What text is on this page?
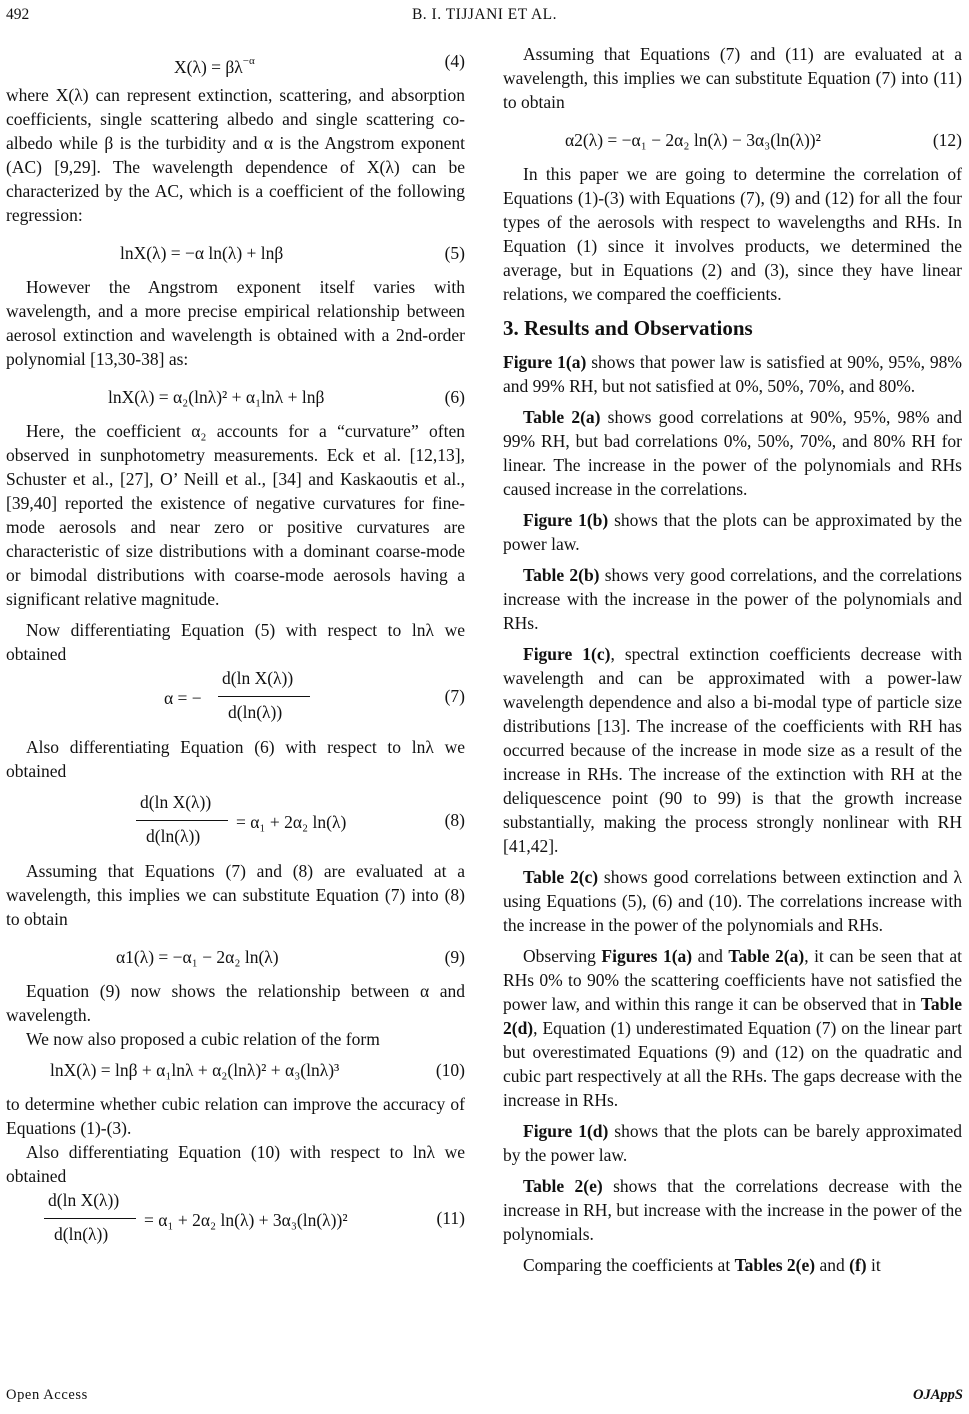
492	B. I. TIJJANI ET AL.
$X(\lambda) = \beta\lambda^{-\alpha}$	(4)

where X(λ) can represent extinction, scattering, and absorption coefficients, single scattering albedo and single scattering co-albedo while β is the turbidity and α is the Angstrom exponent (AC) [9,29]. The wavelength dependence of X(λ) can be characterized by the AC, which is a coefficient of the following regression:

lnX(λ) = −α ln(λ) + lnβ	(5)

However the Angstrom exponent itself varies with wavelength, and a more precise empirical relationship between aerosol extinction and wavelength is obtained with a 2nd-order polynomial [13,30-38] as:

lnX(λ) = α₂(lnλ)² + α₁lnλ + lnβ	(6)

Here, the coefficient α₂ accounts for a “curvature” often observed in sunphotometry measurements. Eck et al. [12,13], Schuster et al., [27], O’ Neill et al., [34] and Kaskaoutis et al., [39,40] reported the existence of negative curvatures for fine-mode aerosols and near zero or positive curvatures are characteristic of size distributions with a dominant coarse-mode or bimodal distributions with coarse-mode aerosols having a significant relative magnitude.

Now differentiating Equation (5) with respect to lnλ we obtained

α = −
d(ln X(λ))
d(ln(λ))
(7)

Also differentiating Equation (6) with respect to lnλ we obtained

d(ln X(λ))
d(ln(λ))
= α₁ + 2α₂ ln(λ)	(8)

Assuming that Equations (7) and (8) are evaluated at a wavelength, this implies we can substitute Equation (7) into (8) to obtain

α1(λ) = −α₁ − 2α₂ ln(λ)	(9)

Equation (9) now shows the relationship between α and wavelength.

We now also proposed a cubic relation of the form

lnX(λ) = lnβ + α₁lnλ + α₂(lnλ)² + α₃(lnλ)³	(10)

to determine whether cubic relation can improve the accuracy of Equations (1)-(3).

Also differentiating Equation (10) with respect to lnλ we obtained

d(ln X(λ))
d(ln(λ))
= α₁ + 2α₂ ln(λ) + 3α₃(ln(λ))²	(11)

Assuming that Equations (7) and (11) are evaluated at a wavelength, this implies we can substitute Equation (7) into (11) to obtain

α2(λ) = −α₁ − 2α₂ ln(λ) − 3α₃(ln(λ))²	(12)

In this paper we are going to determine the correlation of Equations (1)-(3) with Equations (7), (9) and (12) for all the four types of the aerosols with respect to wavelengths and RHs. In Equation (1) since it involves products, we determined the average, but in Equations (2) and (3), since they have linear relations, we compared the coefficients.

3. Results and Observations

Figure 1(a) shows that power law is satisfied at 90%, 95%, 98% and 99% RH, but not satisfied at 0%, 50%, 70%, and 80%.

Table 2(a) shows good correlations at 90%, 95%, 98% and 99% RH, but bad correlations 0%, 50%, 70%, and 80% RH for linear. The increase in the power of the polynomials and RHs caused increase in the correlations.

Figure 1(b) shows that the plots can be approximated by the power law.

Table 2(b) shows very good correlations, and the correlations increase with the increase in the power of the polynomials and RHs.

Figure 1(c), spectral extinction coefficients decrease with wavelength and can be approximated with a power-law wavelength dependence and also a bi-modal type of particle size distributions [13]. The increase of the coefficients with RH has occurred because of the increase in mode size as a result of the increase in RHs. The increase of the extinction with RH at the deliquescence point (90 to 99) is that the growth increase substantially, making the process strongly nonlinear with RH [41,42].

Table 2(c) shows good correlations between extinction and λ using Equations (5), (6) and (10). The correlations increase with the increase in the power of the polynomials and RHs.

Observing Figures 1(a) and Table 2(a), it can be seen that at RHs 0% to 90% the scattering coefficients have not satisfied the power law, and within this range it can be observed that in Table 2(d), Equation (1) underestimated Equation (7) on the linear part but overestimated Equations (9) and (12) on the quadratic and cubic part respectively at all the RHs. The gaps decrease with the increase in RHs.

Figure 1(d) shows that the plots can be barely approximated by the power law.

Table 2(e) shows that the correlations decrease with the increase in RH, but increase with the increase in the power of the polynomials.

Comparing the coefficients at Tables 2(e) and (f) it

Open Access	OJAppS
